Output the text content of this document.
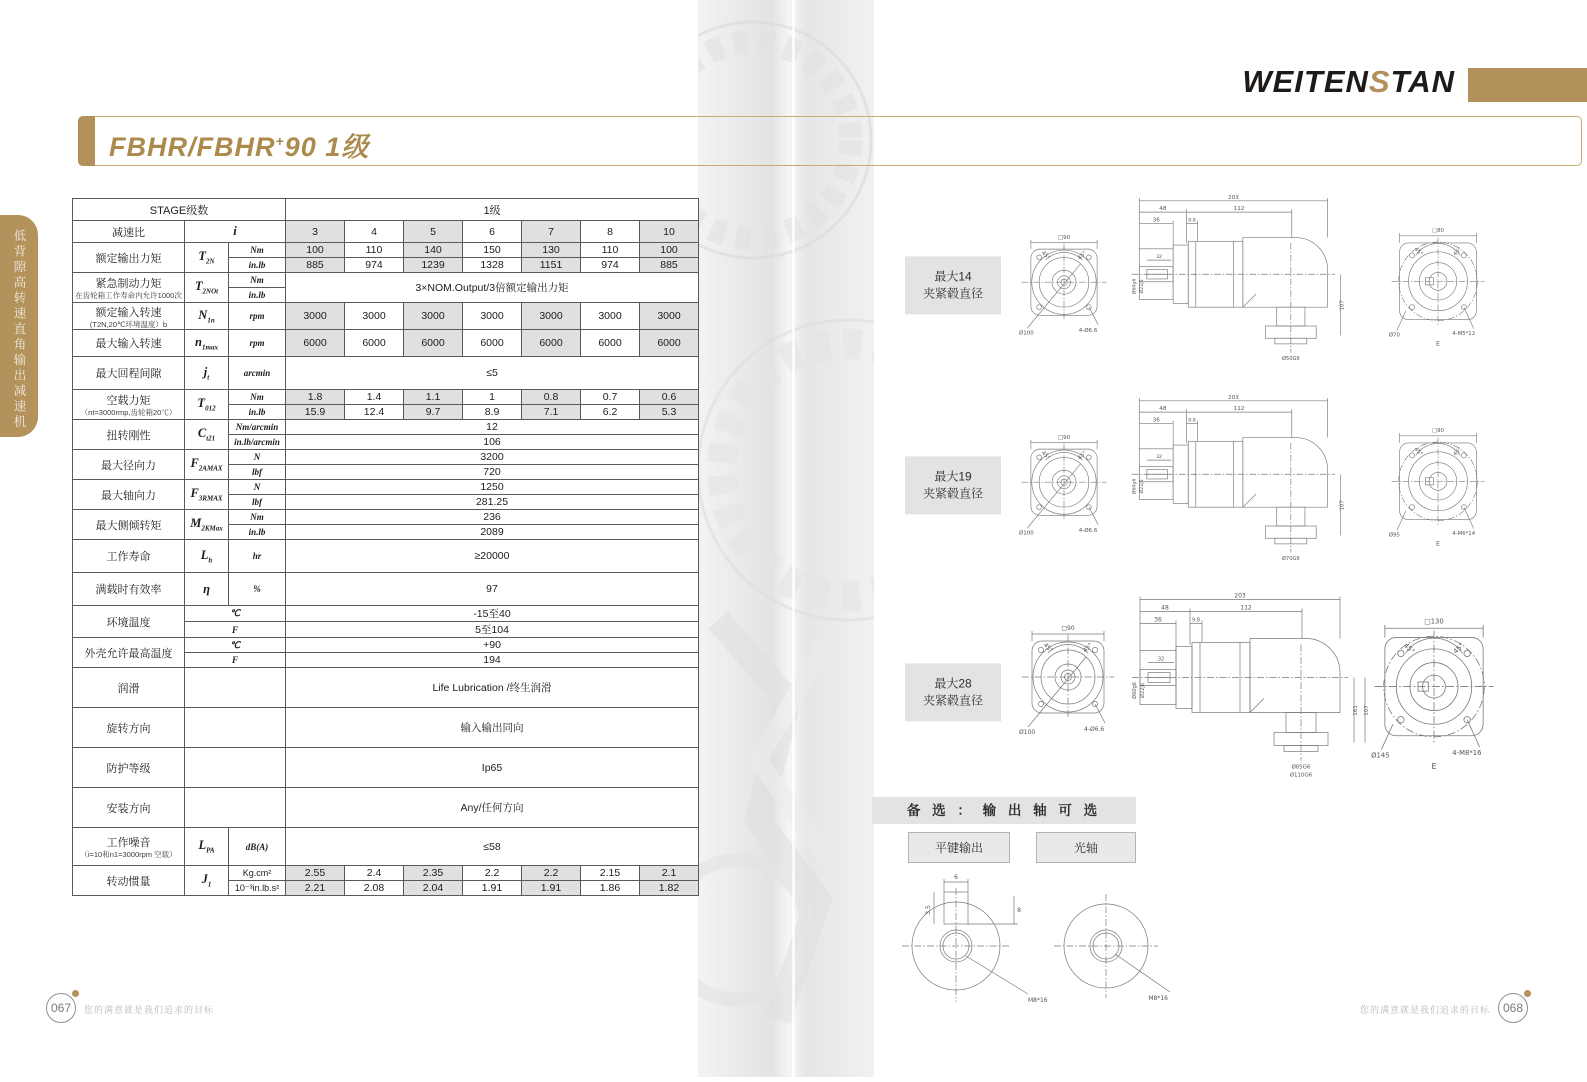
WEITENSTAN
FBHR/FBHR+90 1级
低背隙高转速直角输出减速机
STAGE级数			1级						
减速比	i		3	4	5	6	7	8	10
额定输出力矩	$T_{2N}$	Nm	100	110	140	150	130	110	100
		in.lb	885	974	1239	1328	1151	974	885
紧急制动力矩
在齿轮箱工作寿命内允许1000次	$T_{2NOt}$	Nm	3×NOM.Output/3倍额定输出力矩						
		in.lb							
额定输入转速
(T2N,20℃环境温度）b	$N_{1n}$	rpm	3000	3000	3000	3000	3000	3000	3000
最大输入转速	$n_{1max}$	rpm	6000	6000	6000	6000	6000	6000	6000
最大回程间隙	$j_t$	arcmin	≤5						
空载力矩
（nt=3000rmp,齿轮箱20℃）	$T_{012}$	Nm	1.8	1.4	1.1	1	0.8	0.7	0.6
		in.lb	15.9	12.4	9.7	8.9	7.1	6.2	5.3
扭转刚性	$C_{t21}$	Nm/arcmin	12						
		in.lb/arcmin	106						
最大径向力	$F_{2AMAX}$	N	3200						
		lbf	720						
最大轴向力	$F_{3RMAX}$	N	1250						
		lbf	281.25						
最大侧倾转矩	$M_{2KMax}$	Nm	236						
		in.lb	2089						
工作寿命	$L_h$	hr	≥20000						
满载时有效率	η	%	97						
环境温度	℃		-15至40						
	F		5至104						
外壳允许最高温度	℃		+90						
	F		194						
润滑			Life Lubrication /终生润滑						
旋转方向			输入输出同向						
防护等级			Ip65						
安装方向			Any/任何方向						
工作噪音
（i=10和n1=3000rpm 空载）	$L_{PA}$	dB(A)	≤58						
转动惯量	$J_1$	Kg.cm²	2.55	2.4	2.35	2.2	2.2	2.15	2.1
		10⁻³in.lb.s²	2.21	2.08	2.04	1.91	1.91	1.86	1.82
最大14
夹紧毂直径
□90
45°	45°
Ø100	4-Ø6.6
203
48	112
36	9.8
32
Ø60g6 Ø22j6
107
Ø50G6
□80
45°	45°
Ø70	4-M5*12
E
最大19
夹紧毂直径
□90
45°	45°
Ø100	4-Ø6.6
203
48	112
36	9.8
32
Ø60g6 Ø22j6
107
Ø70G6
□90
45°	45°
Ø95	4-M6*14
E
最大28
夹紧毂直径
□90
45°	45°
Ø100	4-Ø6.6
203
48	112
36	9.8
32
Ø60g6 Ø22j6
161 107
Ø85G6
Ø110G6
□130
45°	45°
Ø145	4-M8*16
E
备 选 ： 输 出 轴 可 选
平键输出	光轴
6
3.5	8
M8*16	M8*16
067	您的满意就是我们追求的目标	您的满意就是我们追求的目标	068
